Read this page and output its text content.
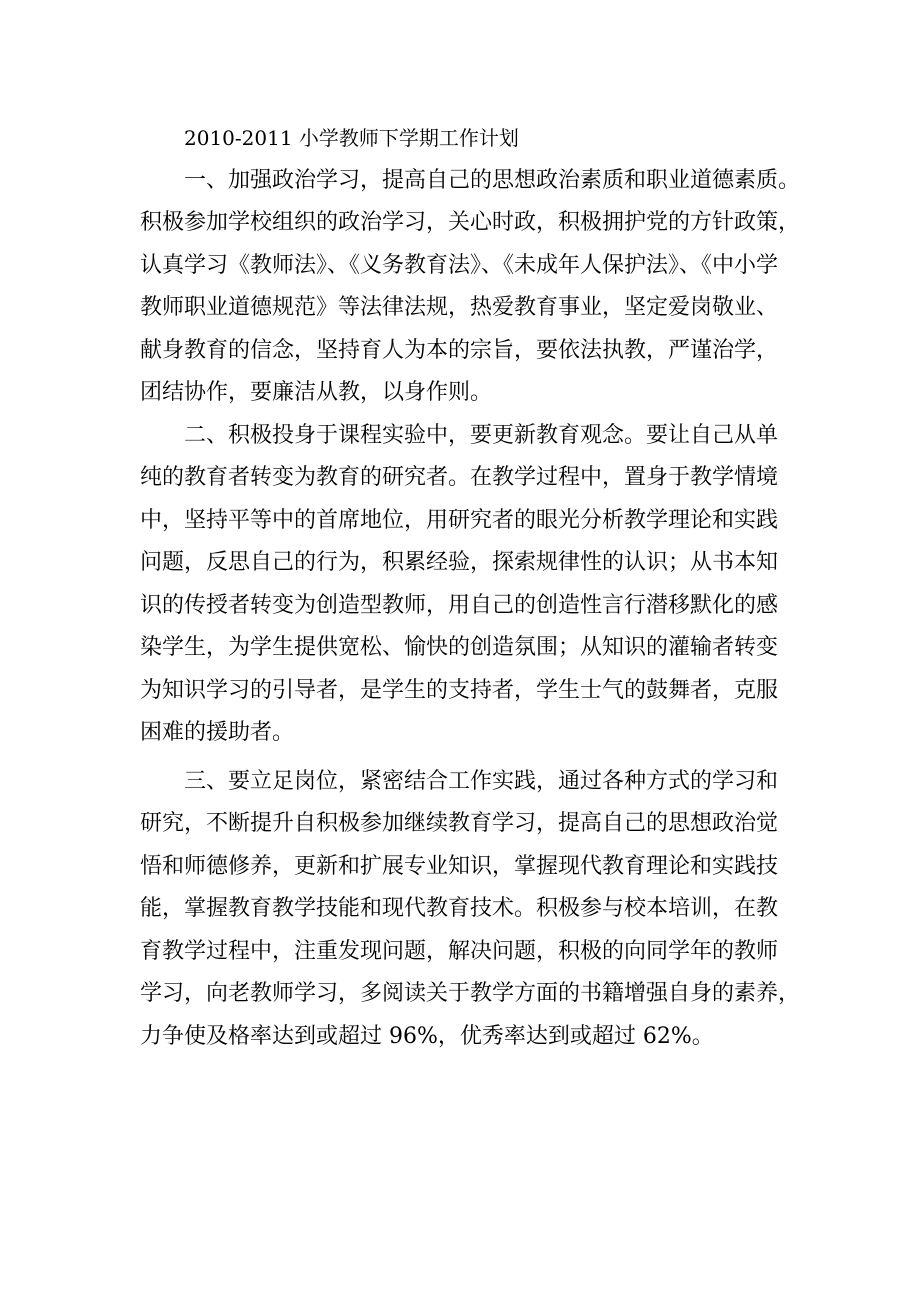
2010-2011 小学教师下学期工作计划

一、加强政治学习，提高自己的思想政治素质和职业道德素质。
积极参加学校组织的政治学习，关心时政，积极拥护党的方针政策，
认真学习《教师法》、《义务教育法》、《未成年人保护法》、《中小学
教师职业道德规范》等法律法规，热爱教育事业，坚定爱岗敬业、
献身教育的信念，坚持育人为本的宗旨，要依法执教，严谨治学，
团结协作，要廉洁从教，以身作则。
二、积极投身于课程实验中，要更新教育观念。要让自己从单
纯的教育者转变为教育的研究者。在教学过程中，置身于教学情境
中，坚持平等中的首席地位，用研究者的眼光分析教学理论和实践
问题，反思自己的行为，积累经验，探索规律性的认识；从书本知
识的传授者转变为创造型教师，用自己的创造性言行潜移默化的感
染学生，为学生提供宽松、愉快的创造氛围；从知识的灌输者转变
为知识学习的引导者，是学生的支持者，学生士气的鼓舞者，克服
困难的援助者。
三、要立足岗位，紧密结合工作实践，通过各种方式的学习和
研究，不断提升自积极参加继续教育学习，提高自己的思想政治觉
悟和师德修养，更新和扩展专业知识，掌握现代教育理论和实践技
能，掌握教育教学技能和现代教育技术。积极参与校本培训，在教
育教学过程中，注重发现问题，解决问题，积极的向同学年的教师
学习，向老教师学习，多阅读关于教学方面的书籍增强自身的素养，
力争使及格率达到或超过 96%，优秀率达到或超过 62%。
